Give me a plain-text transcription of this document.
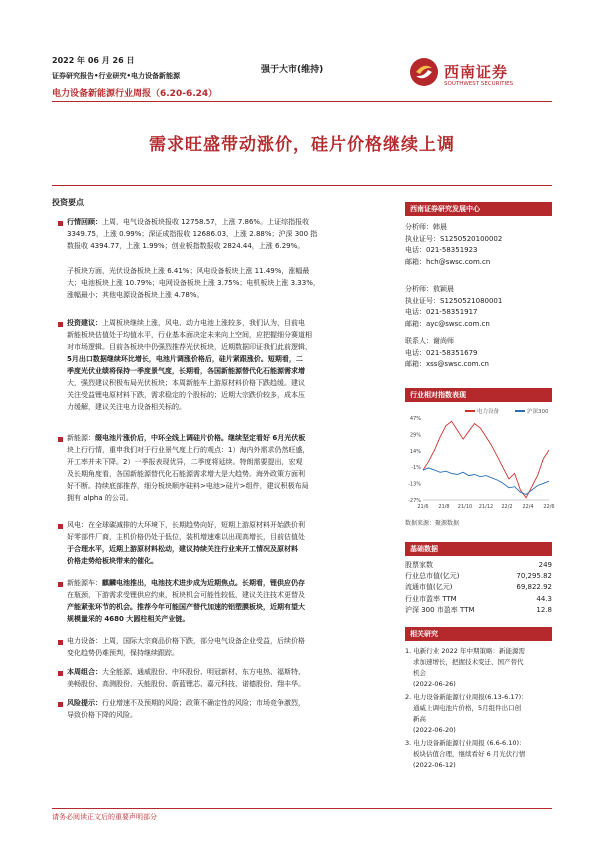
2022 年 06 月 26 日
证券研究报告•行业研究•电力设备新能源
电力设备新能源行业周报（6.20-6.24）
强于大市(维持)	西南证券
SOUTHWEST SECURITIES
需求旺盛带动涨价，硅片价格继续上调
投资要点
行情回顾：上周，电气设备板块报收 12758.57，上涨 7.86%。上证综指报收
3349.75，上涨 0.99%；深证成指报收 12686.03，上涨 2.88%；沪深 300 指
数报收 4394.77，上涨 1.99%；创业板指数报收 2824.44，上涨 6.29%。
子板块方面，光伏设备板块上涨 6.41%；风电设备板块上涨 11.49%，涨幅最
大；电池板块上涨 10.79%；电网设备板块上涨 3.75%；电机板块上涨 3.33%，
涨幅最小；其他电源设备板块上涨 4.78%。
投资建议：上周板块继续上涨，风电、动力电池上涨较多，我们认为，目前电
新能板块估值处于均值水平，行业基本面决定未来向上空间，应把握细分赛道相
对市场逻辑。目前各板块中仍强烈推荐光伏板块，近期数据印证我们此前逻辑，
5月出口数据继续环比增长，电池片调涨价格后，硅片紧跟涨价。短期看，二
季度光伏业绩将保持一季度景气度，长期看，各国新能源替代化石能源需求增
大，强烈建议积极布局光伏板块；本周新能车上游原材料价格下跌趋缓。建议
关注受益锂电原材料下跌，需求稳定的个股标的；近期大宗跌价较多，成本压
力缓解，建议关注电力设备相关标的。
新能源：缀电池片涨价后，中环全线上调硅片价格。继续坚定看好 6月光伏板
块上行行情，重申我们对于行业景气度上行的观点：1）海内外需求仍然旺盛，
开工率并未下降。2）一季报表现优异，二季度将延续。特朗需要提出，宏观
及长期角度看，各国新能源替代化石能源需求增大是大趋势。海外政策方面利
好不断。持续底部推荐，细分板块顺序硅料>电池>硅片>组件，建议积极布局
拥有 alpha 的公司。
风电：在全球碳减排的大环境下，长期趋势向好，短期上游原材料开始跌价利
好零部件厂商，主机价格仍处于低位，装机增速难以出现高增长，目前估值处
于合理水平，近期上游原材料松动，建议持续关注行业来开工情况及原材料
价格走势给板块带来的催化。
新能源车：麒麟电池推出，电池技术进步成为近期焦点。长期看，锂供应仍存
在瓶颈，下游需求受锂供应约束，板块机会可能性较低，建议关注技术更替及
产能紧张环节的机会。推荐今年可能国产替代加速的铝塑膜板块，近期有望大
规模量采的 4680 大圆柱相关产业链。
电力设备：上周，国际大宗商品价格下跌，部分电气设备企业受益，后续价格
变化趋势仍难预判，保持继续跟踪。
本周组合：大全能源、通威股份、中环股份、明冠新材、东方电热、福斯特、
美畅股份、高测股份、天能股份、蔚蓝锂芯、嘉元科技、诺德股份、翔丰华。
风险提示：行业增速不及预期的风险；政策不确定性的风险；市场竞争激烈，
导致价格下降的风险。
西南证券研究发展中心
分析师：韩晨
执业证号：S1250520100002
电话：021-58351923
邮箱：hch@swsc.com.cn
分析师：敖颖晨
执业证号：S1250521080001
电话：021-58351917
邮箱：ayc@swsc.com.cn
联系人：谢尚师
电话：021-58351679
邮箱：xss@swsc.com.cn
行业相对指数表现
电力设备	沪深300
47%
29%
14%
-1%
-13%
-27%
21/6 21/8 21/10 21/12 22/2 22/4 22/6
数据来源：聚源数据
基础数据
股票家数	249
行业总市值(亿元)	70,295.82
流通市值(亿元)	69,822.92
行业市盈率 TTM	44.3
沪深 300 市盈率 TTM	12.8
相关研究
1. 电新行业 2022 年中期策略：新能源需
求加速增长，把握技术变迁、国产替代
机会
(2022-06-26)
2. 电力设备新能源行业周报(6.13-6.17)：
通威上调电池片价格，5月组件出口创
新高
(2022-06-20)
3. 电力设备新能源行业周报 (6.6-6.10)：
板块估值合理，继续看好 6 月光伏行情
(2022-06-12)
请务必阅读正文后的重要声明部分
